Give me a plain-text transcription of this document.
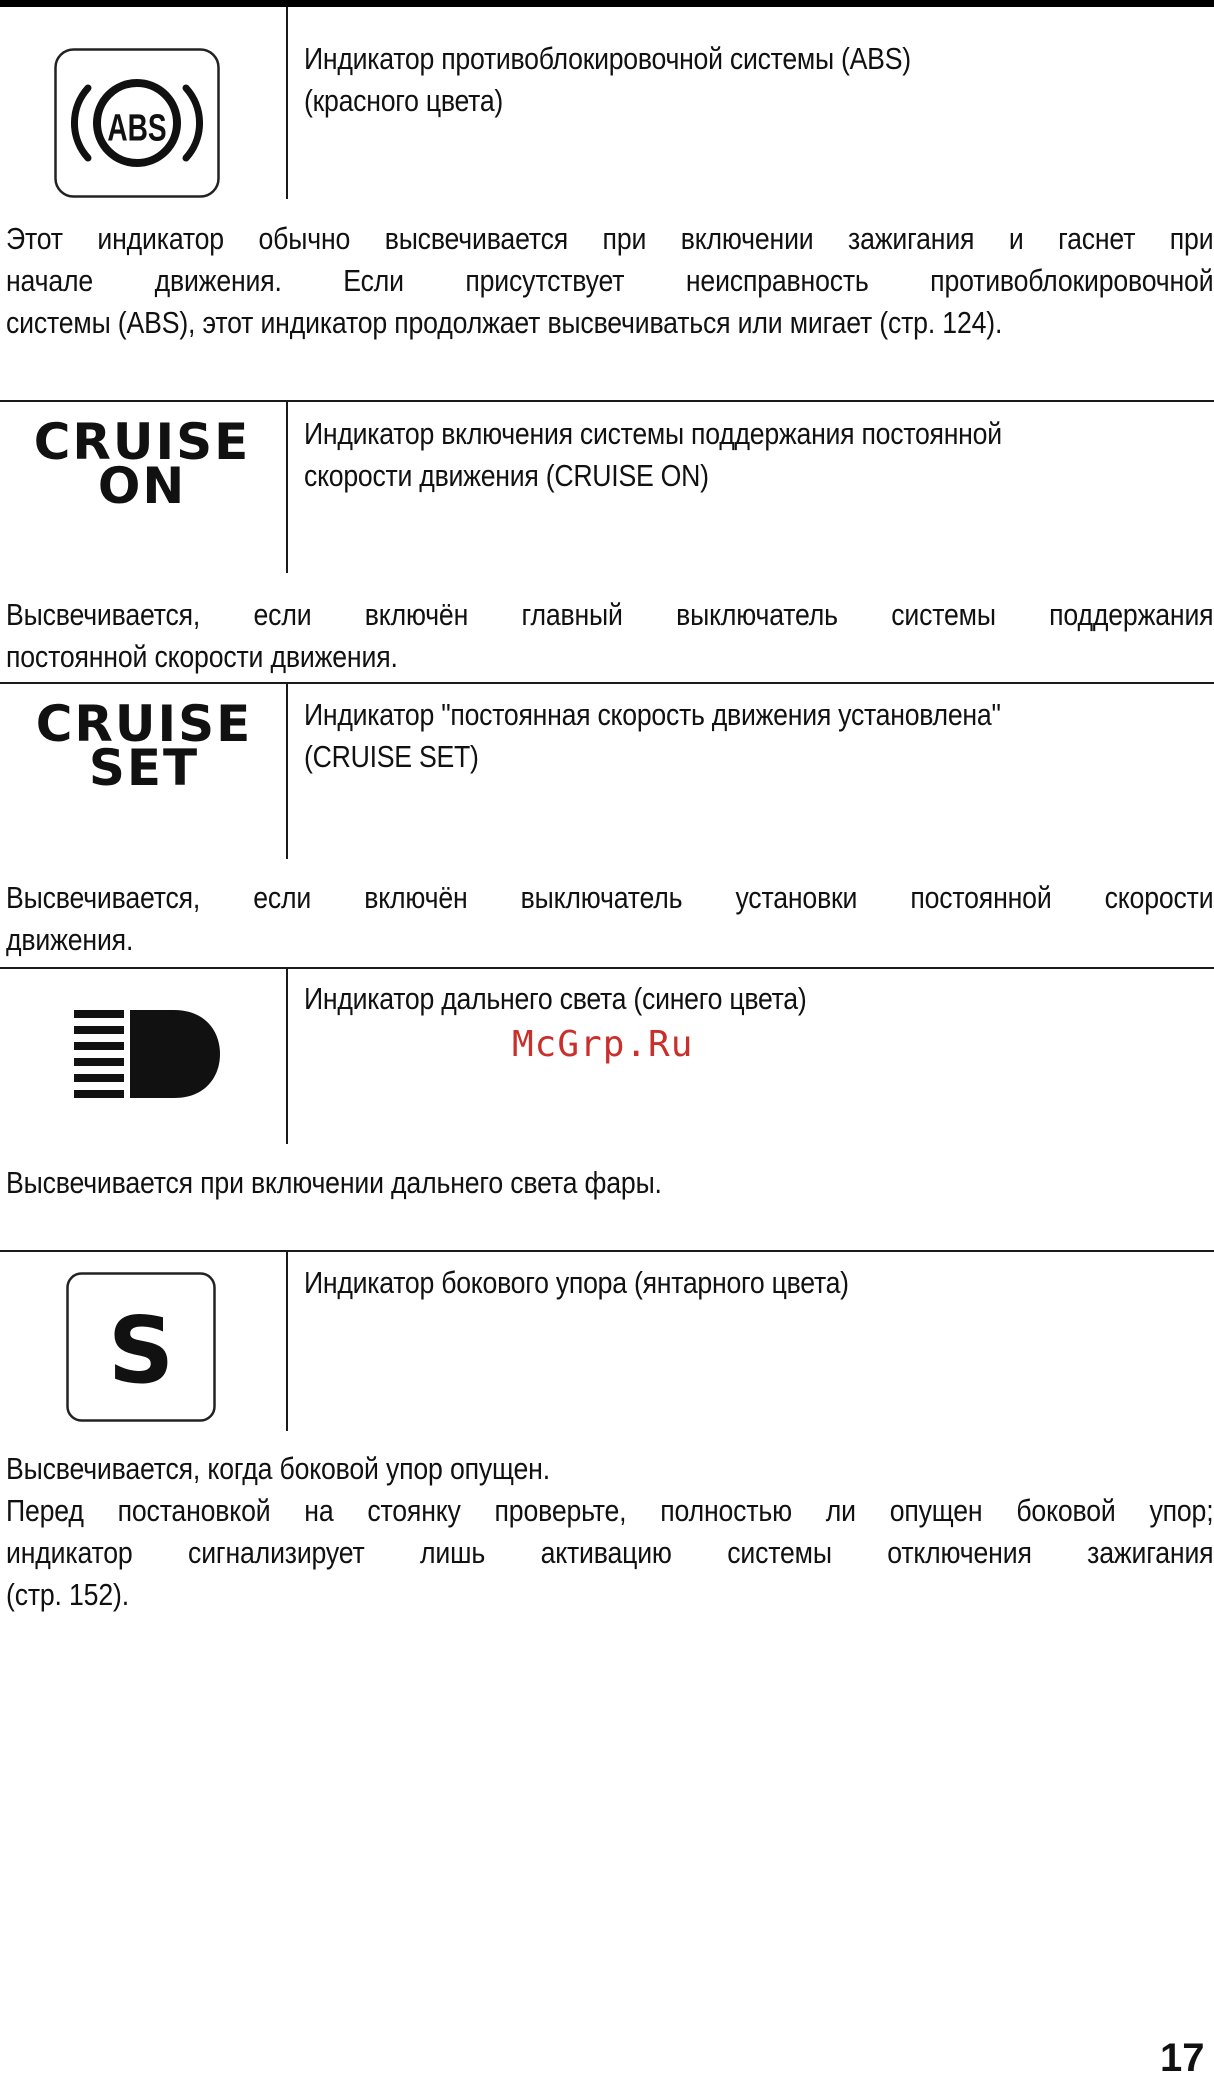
ABS
Индикатор противоблокировочной системы (ABS)
(красного цвета)

Этот индикатор обычно высвечивается при включении зажигания и гаснет при

начале движения. Если присутствует неисправность противоблокировочной

системы (ABS), этот индикатор продолжает высвечиваться или мигает (стр. 124).

CRUISE
ON
Индикатор включения системы поддержания постоянной
скорости движения (CRUISE ON)

Высвечивается, если включён главный выключатель системы поддержания

постоянной скорости движения.

CRUISE
SET
Индикатор "постоянная скорость движения установлена"
(CRUISE SET)

Высвечивается, если включён выключатель установки постоянной скорости

движения.

Индикатор дальнего света (синего цвета)

Высвечивается при включении дальнего света фары.

S
Индикатор бокового упора (янтарного цвета)

Высвечивается, когда боковой упор опущен.

Перед постановкой на стоянку проверьте, полностью ли опущен боковой упор;

индикатор сигнализирует лишь активацию системы отключения зажигания

(стр. 152).

McGrp.Ru
17
